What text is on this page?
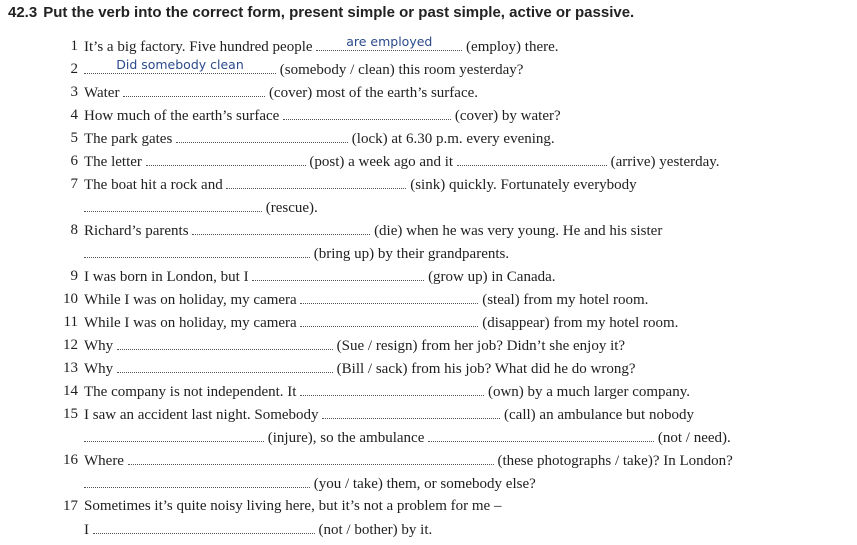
42.3 Put the verb into the correct form, present simple or past simple, active or passive.
1 It’s a big factory. Five hundred people	are employed	(employ) there.
2	Did somebody clean	(somebody / clean) this room yesterday?
3 Water	(cover) most of the earth’s surface.
4 How much of the earth’s surface	(cover) by water?
5 The park gates	(lock) at 6.30 p.m. every evening.
6 The letter	(post) a week ago and it	(arrive) yesterday.
7 The boat hit a rock and	(sink) quickly. Fortunately everybody
(rescue).
8 Richard’s parents	(die) when he was very young. He and his sister
(bring up) by their grandparents.
9 I was born in London, but I	(grow up) in Canada.
10 While I was on holiday, my camera	(steal) from my hotel room.
11 While I was on holiday, my camera	(disappear) from my hotel room.
12 Why	(Sue / resign) from her job? Didn’t she enjoy it?
13 Why	(Bill / sack) from his job? What did he do wrong?
14 The company is not independent. It	(own) by a much larger company.
15 I saw an accident last night. Somebody	(call) an ambulance but nobody
(injure), so the ambulance	(not / need).
16 Where	(these photographs / take)? In London?
(you / take) them, or somebody else?
17 Sometimes it’s quite noisy living here, but it’s not a problem for me –
I	(not / bother) by it.
